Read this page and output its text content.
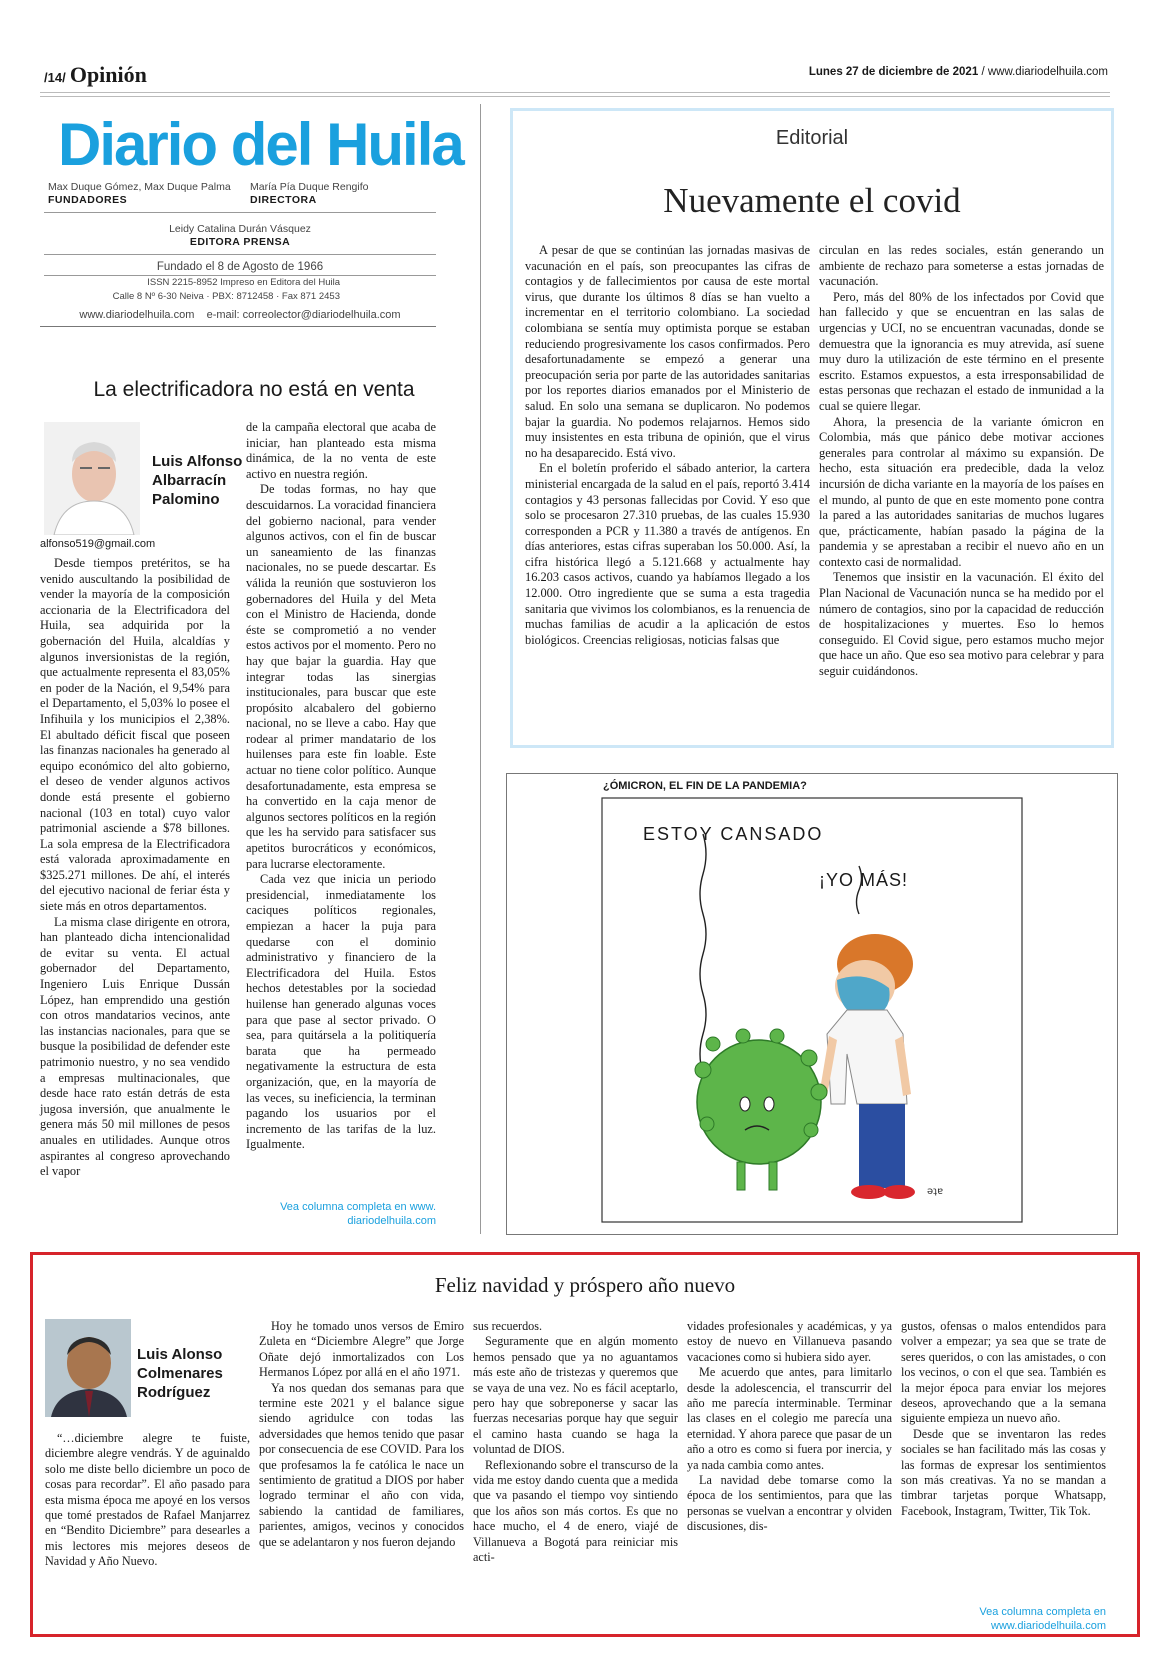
/14/ Opinión	Lunes 27 de diciembre de 2021 / www.diariodelhuila.com
Diario del Huila
Max Duque Gómez, Max Duque Palma
FUNDADORES
María Pía Duque Rengifo
DIRECTORA
Leidy Catalina Durán Vásquez
EDITORA PRENSA
Fundado el 8 de Agosto de 1966
ISSN 2215-8952 Impreso en Editora del Huila
Calle 8 Nº 6-30 Neiva · PBX: 8712458 · Fax 871 2453
www.diariodelhuila.com    e-mail: correolector@diariodelhuila.com
Editorial
Nuevamente el covid

A pesar de que se continúan las jornadas masivas de vacunación en el país, son preocupantes las cifras de contagios y de fallecimientos por causa de este mortal virus, que durante los últimos 8 días se han vuelto a incrementar en el territorio colombiano. La sociedad colombiana se sentía muy optimista porque se estaban reduciendo progresivamente los casos confirmados. Pero desafortunadamente se empezó a generar una preocupación seria por parte de las autoridades sanitarias por los reportes diarios emanados por el Ministerio de salud. En solo una semana se duplicaron. No podemos bajar la guardia. No podemos relajarnos. Hemos sido muy insistentes en esta tribuna de opinión, que el virus no ha desaparecido. Está vivo.

En el boletín proferido el sábado anterior, la cartera ministerial encargada de la salud en el país, reportó 3.414 contagios y 43 personas fallecidas por Covid. Y eso que solo se procesaron 27.310 pruebas, de las cuales 15.930 corresponden a PCR y 11.380 a través de antígenos. En días anteriores, estas cifras superaban los 50.000. Así, la cifra histórica llegó a 5.121.668 y actualmente hay 16.203 casos activos, cuando ya habíamos llegado a los 12.000. Otro ingrediente que se suma a esta tragedia sanitaria que vivimos los colombianos, es la renuencia de muchas familias de acudir a la aplicación de estos biológicos. Creencias religiosas, noticias falsas que

circulan en las redes sociales, están generando un ambiente de rechazo para someterse a estas jornadas de vacunación.

Pero, más del 80% de los infectados por Covid que han fallecido y que se encuentran en las salas de urgencias y UCI, no se encuentran vacunadas, donde se demuestra que la ignorancia es muy atrevida, así suene muy duro la utilización de este término en el presente escrito. Estamos expuestos, a esta irresponsabilidad de estas personas que rechazan el estado de inmunidad a la cual se quiere llegar.

Ahora, la presencia de la variante ómicron en Colombia, más que pánico debe motivar acciones generales para controlar al máximo su expansión. De hecho, esta situación era predecible, dada la veloz incursión de dicha variante en la mayoría de los países en el mundo, al punto de que en este momento pone contra la pared a las autoridades sanitarias de muchos lugares que, prácticamente, habían pasado la página de la pandemia y se aprestaban a recibir el nuevo año en un contexto casi de normalidad.

Tenemos que insistir en la vacunación. El éxito del Plan Nacional de Vacunación nunca se ha medido por el número de contagios, sino por la capacidad de reducción de hospitalizaciones y muertes. Eso lo hemos conseguido. El Covid sigue, pero estamos mucho mejor que hace un año. Que eso sea motivo para celebrar y para seguir cuidándonos.

¿ÓMICRON, EL FIN DE LA PANDEMIA?
ǝʇɐ
ESTOY CANSADO
¡YO MÁS!
La electrificadora no está en venta
Luis Alfonso Albarracín Palomino
alfonso519@gmail.com

Desde tiempos pretéritos, se ha venido auscultando la posibilidad de vender la mayoría de la composición accionaria de la Electrificadora del Huila, sea adquirida por la gobernación del Huila, alcaldías y algunos inversionistas de la región, que actualmente representa el 83,05% en poder de la Nación, el 9,54% para el Departamento, el 5,03% lo posee el Infihuila y los municipios el 2,38%. El abultado déficit fiscal que poseen las finanzas nacionales ha generado al equipo económico del alto gobierno, el deseo de vender algunos activos donde está presente el gobierno nacional (103 en total) cuyo valor patrimonial asciende a $78 billones. La sola empresa de la Electrificadora está valorada aproximadamente en $325.271 millones. De ahí, el interés del ejecutivo nacional de feriar ésta y siete más en otros departamentos.

La misma clase dirigente en otrora, han planteado dicha intencionalidad de evitar su venta. El actual gobernador del Departamento, Ingeniero Luis Enrique Dussán López, han emprendido una gestión con otros mandatarios vecinos, ante las instancias nacionales, para que se busque la posibilidad de defender este patrimonio nuestro, y no sea vendido a empresas multinacionales, que desde hace rato están detrás de esta jugosa inversión, que anualmente le genera más 50 mil millones de pesos anuales en utilidades. Aunque otros aspirantes al congreso aprovechando el vapor

de la campaña electoral que acaba de iniciar, han planteado esta misma dinámica, de la no venta de este activo en nuestra región.

De todas formas, no hay que descuidarnos. La voracidad financiera del gobierno nacional, para vender algunos activos, con el fin de buscar un saneamiento de las finanzas nacionales, no se puede descartar. Es válida la reunión que sostuvieron los gobernadores del Huila y del Meta con el Ministro de Hacienda, donde éste se comprometió a no vender estos activos por el momento. Pero no hay que bajar la guardia. Hay que integrar todas las sinergias institucionales, para buscar que este propósito alcabalero del gobierno nacional, no se lleve a cabo. Hay que rodear al primer mandatario de los huilenses para este fin loable. Este actuar no tiene color político. Aunque desafortunadamente, esta empresa se ha convertido en la caja menor de algunos sectores políticos en la región que les ha servido para satisfacer sus apetitos burocráticos y económicos, para lucrarse electoramente.

Cada vez que inicia un periodo presidencial, inmediatamente los caciques políticos regionales, empiezan a hacer la puja para quedarse con el dominio administrativo y financiero de la Electrificadora del Huila. Estos hechos detestables por la sociedad huilense han generado algunas voces para que pase al sector privado. O sea, para quitársela a la politiquería barata que ha permeado negativamente la estructura de esta organización, que, en la mayoría de las veces, su ineficiencia, la terminan pagando los usuarios por el incremento de las tarifas de la luz. Igualmente.

Vea columna completa en www.
diariodelhuila.com
Feliz navidad y próspero año nuevo
Luis Alonso Colmenares Rodríguez

“…diciembre alegre te fuiste, diciembre alegre vendrás. Y de aguinaldo solo me diste bello diciembre un poco de cosas para recordar”. El año pasado para esta misma época me apoyé en los versos que tomé prestados de Rafael Manjarrez en “Bendito Diciembre” para desearles a mis lectores mis mejores deseos de Navidad y Año Nuevo.

Hoy he tomado unos versos de Emiro Zuleta en “Diciembre Alegre” que Jorge Oñate dejó inmortalizados con Los Hermanos López por allá en el año 1971.

Ya nos quedan dos semanas para que termine este 2021 y el balance sigue siendo agridulce con todas las adversidades que hemos tenido que pasar por consecuencia de ese COVID. Para los que profesamos la fe católica le nace un sentimiento de gratitud a DIOS por haber logrado terminar el año con vida, sabiendo la cantidad de familiares, parientes, amigos, vecinos y conocidos que se adelantaron y nos fueron dejando

sus recuerdos.

Seguramente que en algún momento hemos pensado que ya no aguantamos más este año de tristezas y queremos que se vaya de una vez. No es fácil aceptarlo, pero hay que sobreponerse y sacar las fuerzas necesarias porque hay que seguir el camino hasta cuando se haga la voluntad de DIOS.

Reflexionando sobre el transcurso de la vida me estoy dando cuenta que a medida que va pasando el tiempo voy sintiendo que los años son más cortos. Es que no hace mucho, el 4 de enero, viajé de Villanueva a Bogotá para reiniciar mis acti-

vidades profesionales y académicas, y ya estoy de nuevo en Villanueva pasando vacaciones como si hubiera sido ayer.

Me acuerdo que antes, para limitarlo desde la adolescencia, el transcurrir del año me parecía interminable. Terminar las clases en el colegio me parecía una eternidad. Y ahora parece que pasar de un año a otro es como si fuera por inercia, y ya nada cambia como antes.

La navidad debe tomarse como la época de los sentimientos, para que las personas se vuelvan a encontrar y olviden discusiones, dis-

gustos, ofensas o malos entendidos para volver a empezar; ya sea que se trate de seres queridos, o con las amistades, o con los vecinos, o con el que sea. También es la mejor época para enviar los mejores deseos, aprovechando que a la semana siguiente empieza un nuevo año.

Desde que se inventaron las redes sociales se han facilitado más las cosas y las formas de expresar los sentimientos son más creativas. Ya no se mandan a timbrar tarjetas porque Whatsapp, Facebook, Instagram, Twitter, Tik Tok.

Vea columna completa en
www.diariodelhuila.com
